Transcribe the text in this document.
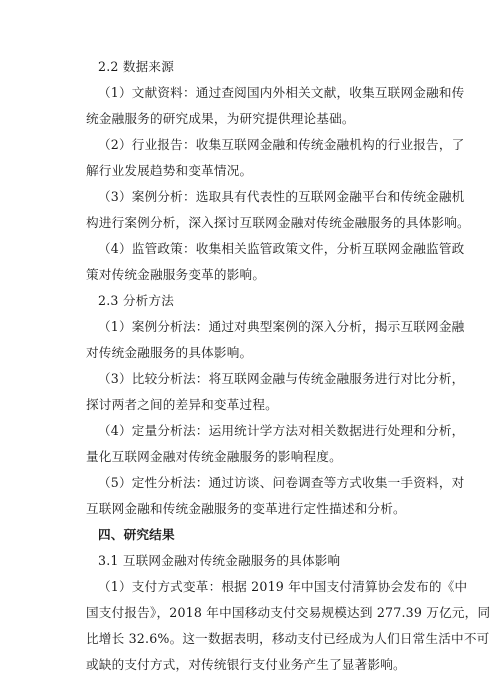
2.2 数据来源
（1）文献资料：通过查阅国内外相关文献，收集互联网金融和传
统金融服务的研究成果，为研究提供理论基础。
（2）行业报告：收集互联网金融和传统金融机构的行业报告，了
解行业发展趋势和变革情况。
（3）案例分析：选取具有代表性的互联网金融平台和传统金融机
构进行案例分析，深入探讨互联网金融对传统金融服务的具体影响。
（4）监管政策：收集相关监管政策文件，分析互联网金融监管政
策对传统金融服务变革的影响。
2.3 分析方法
（1）案例分析法：通过对典型案例的深入分析，揭示互联网金融
对传统金融服务的具体影响。
（3）比较分析法：将互联网金融与传统金融服务进行对比分析，
探讨两者之间的差异和变革过程。
（4）定量分析法：运用统计学方法对相关数据进行处理和分析，
量化互联网金融对传统金融服务的影响程度。
（5）定性分析法：通过访谈、问卷调查等方式收集一手资料，对
互联网金融和传统金融服务的变革进行定性描述和分析。
四、研究结果
3.1 互联网金融对传统金融服务的具体影响
（1）支付方式变革：根据 2019 年中国支付清算协会发布的《中
国支付报告》，2018 年中国移动支付交易规模达到 277.39 万亿元，同
比增长 32.6%。这一数据表明，移动支付已经成为人们日常生活中不可
或缺的支付方式，对传统银行支付业务产生了显著影响。
